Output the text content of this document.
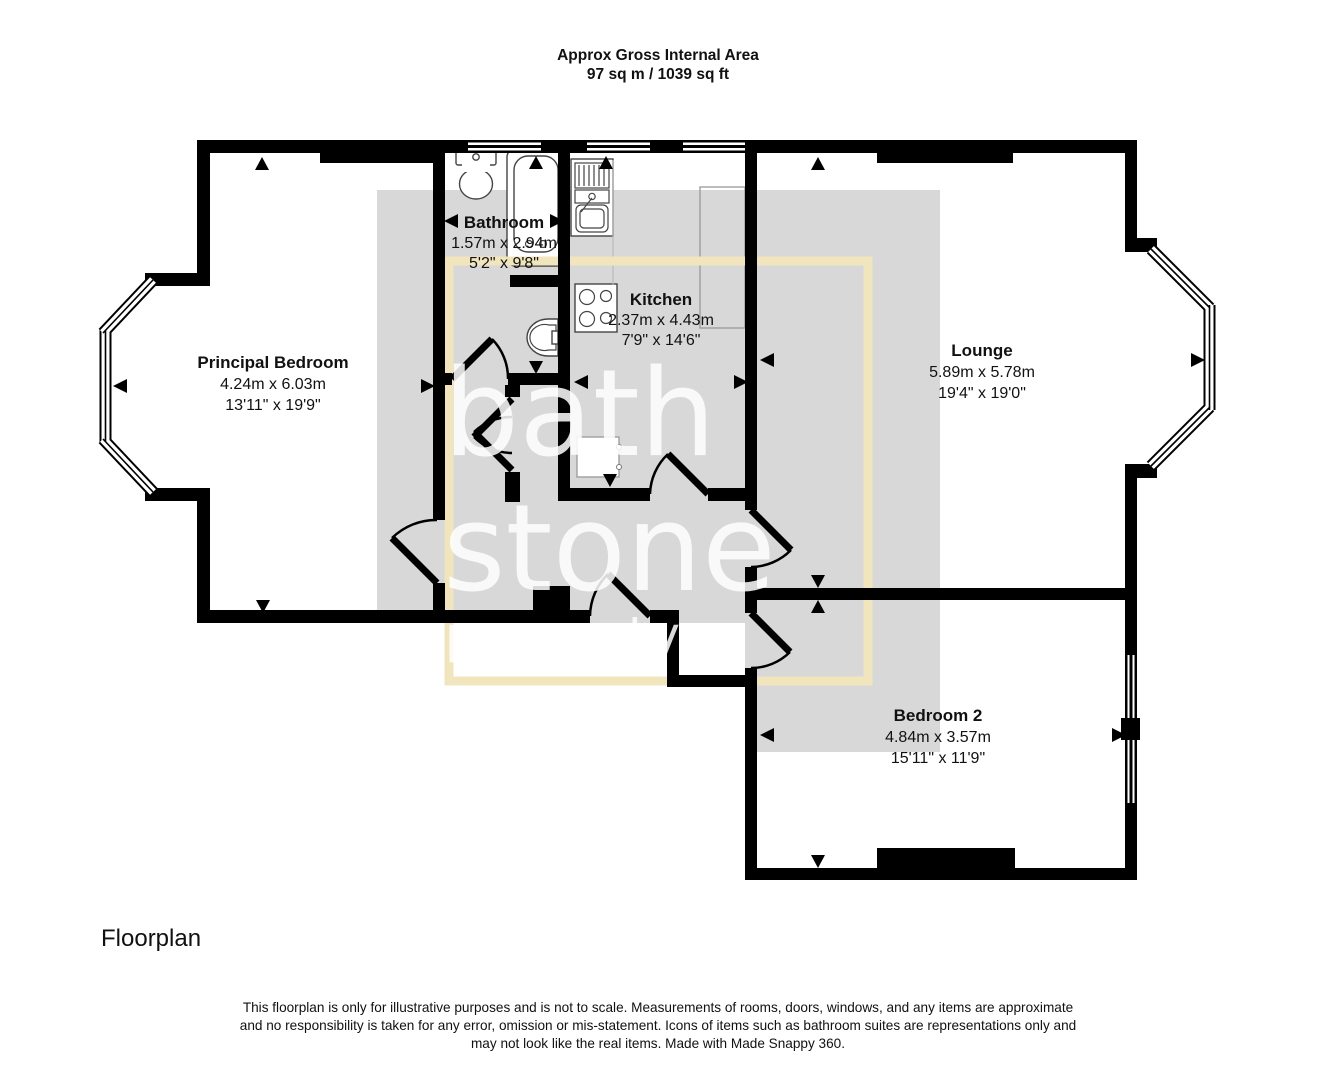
Approx Gross Internal Area
97 sq m / 1039 sq ft
Principal Bedroom
4.24m x 6.03m
13'11" x 19'9"
Bathroom
1.57m x 2.94m
5'2" x 9'8"
Kitchen
2.37m x 4.43m
7'9" x 14'6"
Lounge
5.89m x 5.78m
19'4" x 19'0"
Bedroom 2
4.84m x 3.57m
15'11" x 11'9"
bath
stone
property
Floorplan
This floorplan is only for illustrative purposes and is not to scale. Measurements of rooms, doors, windows, and any items are approximate
and no responsibility is taken for any error, omission or mis-statement. Icons of items such as bathroom suites are representations only and
may not look like the real items. Made with Made Snappy 360.
